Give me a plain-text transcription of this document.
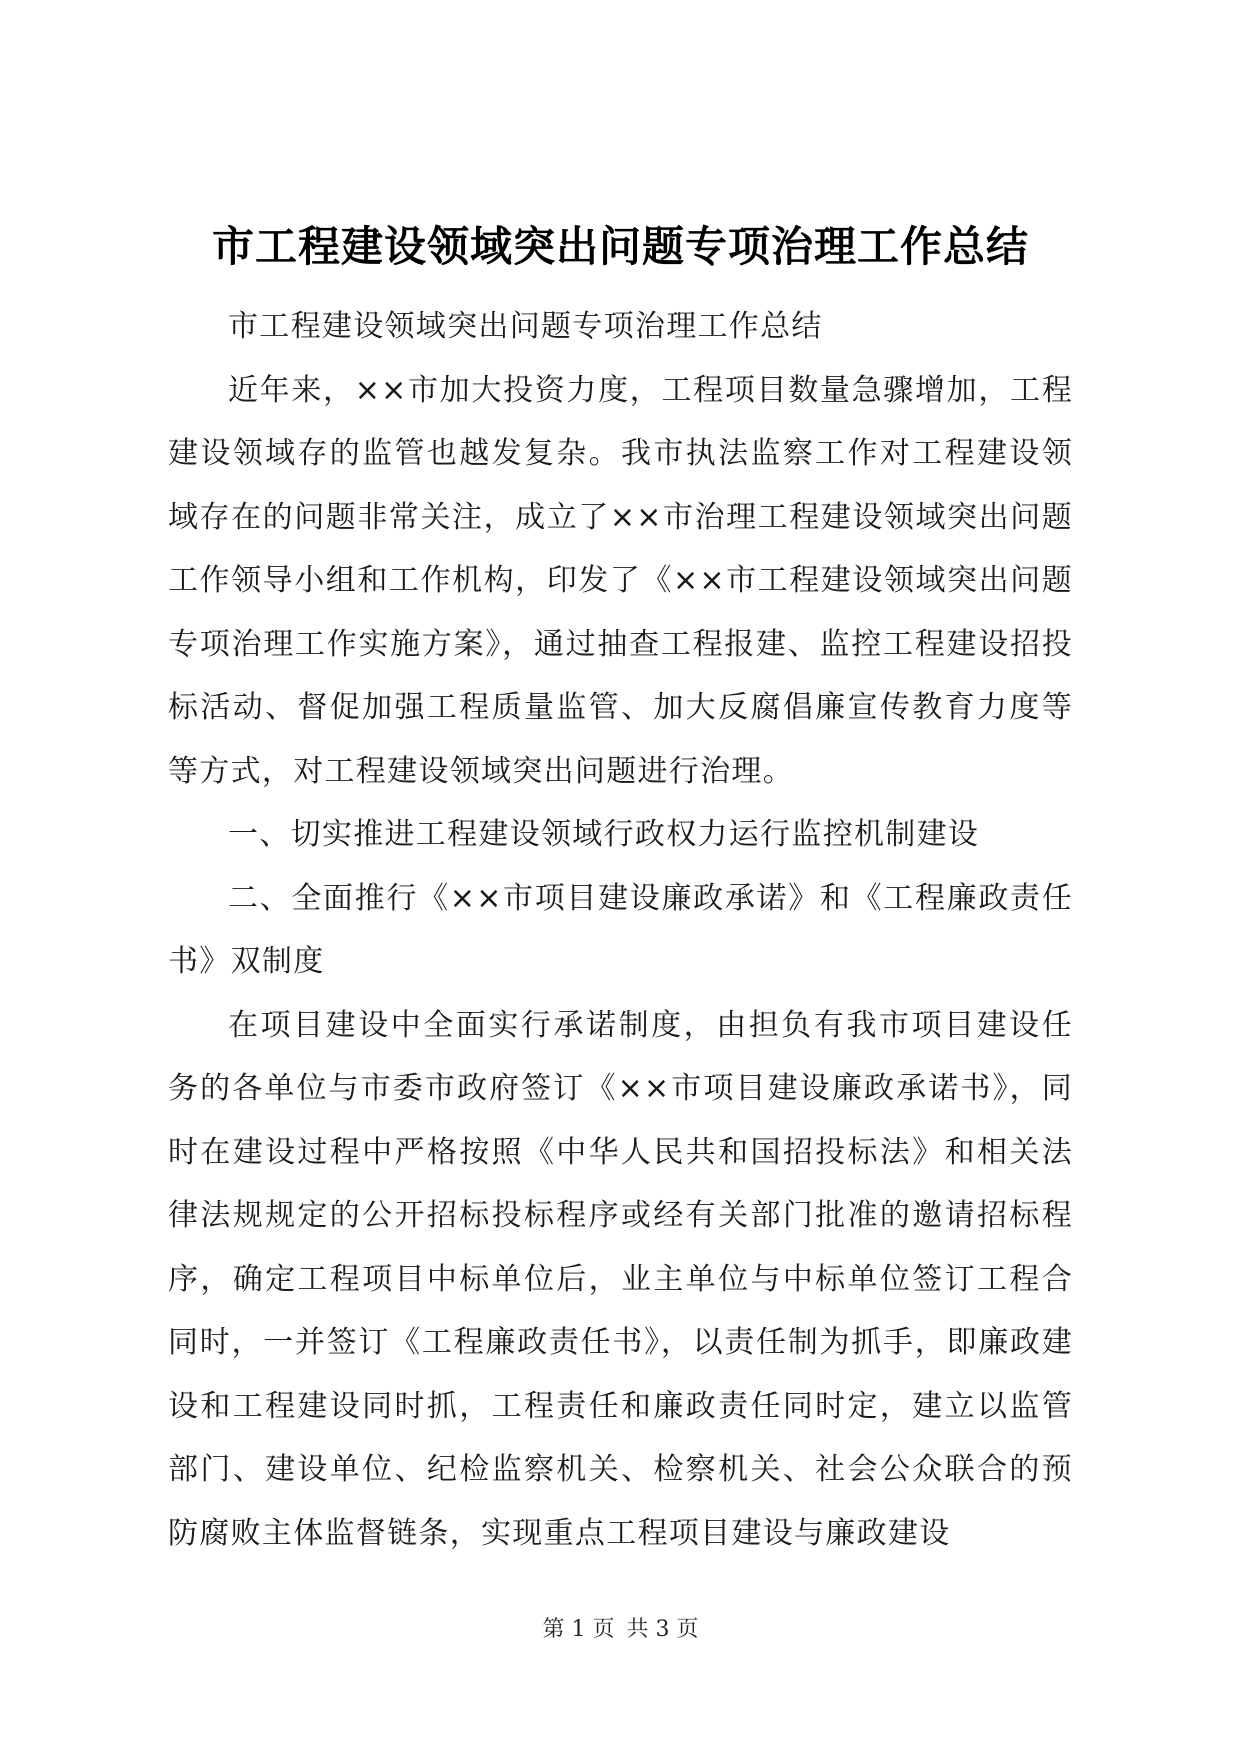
市工程建设领域突出问题专项治理工作总结

市工程建设领域突出问题专项治理工作总结

近年来，××市加大投资力度，工程项目数量急骤增加，工程建设领域存的监管也越发复杂。我市执法监察工作对工程建设领域存在的问题非常关注，成立了××市治理工程建设领域突出问题工作领导小组和工作机构，印发了《××市工程建设领域突出问题专项治理工作实施方案》，通过抽查工程报建、监控工程建设招投标活动、督促加强工程质量监管、加大反腐倡廉宣传教育力度等等方式，对工程建设领域突出问题进行治理。

一、切实推进工程建设领域行政权力运行监控机制建设

二、全面推行《××市项目建设廉政承诺》和《工程廉政责任书》双制度

在项目建设中全面实行承诺制度，由担负有我市项目建设任务的各单位与市委市政府签订《××市项目建设廉政承诺书》，同时在建设过程中严格按照《中华人民共和国招投标法》和相关法律法规规定的公开招标投标程序或经有关部门批准的邀请招标程序，确定工程项目中标单位后，业主单位与中标单位签订工程合同时，一并签订《工程廉政责任书》，以责任制为抓手，即廉政建设和工程建设同时抓，工程责任和廉政责任同时定，建立以监管部门、建设单位、纪检监察机关、检察机关、社会公众联合的预防腐败主体监督链条，实现重点工程项目建设与廉政建设

第 1 页 共 3 页
